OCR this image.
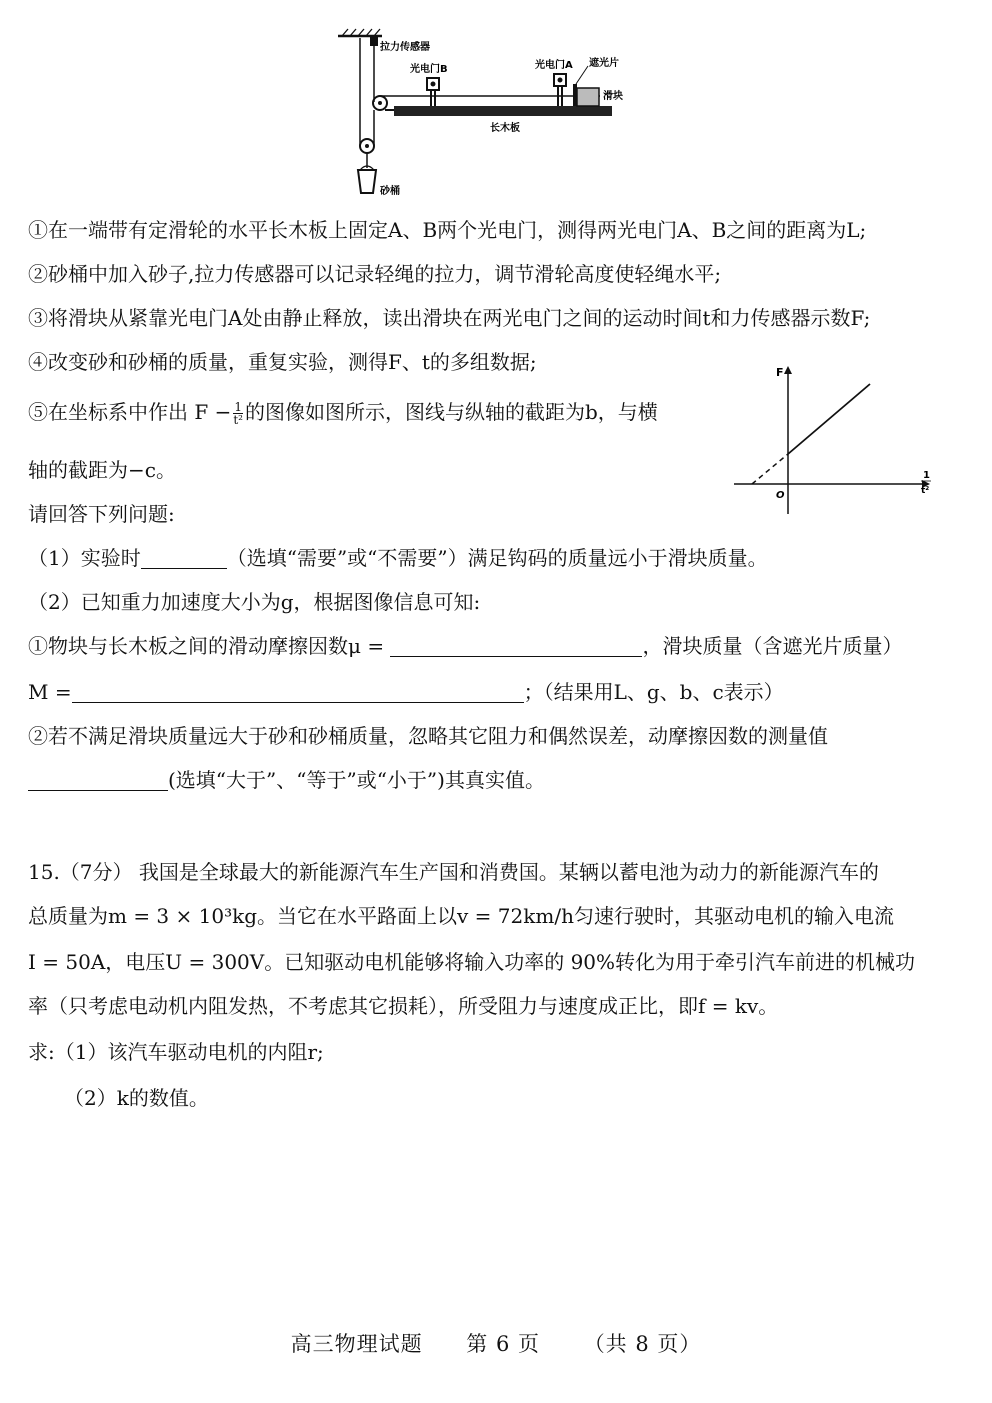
拉力传感器
砂桶
长木板
光电门B	光电门A 遮光片
滑块
F
1
t²
O
①在一端带有定滑轮的水平长木板上固定A、B两个光电门，测得两光电门A、B之间的距离为L;
②砂桶中加入砂子,拉力传感器可以记录轻绳的拉力，调节滑轮高度使轻绳水平;
③将滑块从紧靠光电门A处由静止释放，读出滑块在两光电门之间的运动时间t和力传感器示数F;
④改变砂和砂桶的质量，重复实验，测得F、t的多组数据;
⑤在坐标系中作出 $F - \frac{1}{\text{t²}}$ 的图像如图所示，图线与纵轴的截距为b，与横
轴的截距为−c。
请回答下列问题:
（1）实验时	（选填“需要”或“不需要”）满足钩码的质量远小于滑块质量。
（2）已知重力加速度大小为g，根据图像信息可知:
①物块与长木板之间的滑动摩擦因数μ =	，滑块质量（含遮光片质量）
M =	；（结果用L、g、b、c表示）
②若不满足滑块质量远大于砂和砂桶质量，忽略其它阻力和偶然误差，动摩擦因数的测量值
(选填“大于”、“等于”或“小于”)其真实值。
15.（7分） 我国是全球最大的新能源汽车生产国和消费国。某辆以蓄电池为动力的新能源汽车的
总质量为m = 3 × 10³kg。当它在水平路面上以v = 72km/h匀速行驶时，其驱动电机的输入电流
I = 50A，电压U = 300V。已知驱动电机能够将输入功率的 90%转化为用于牵引汽车前进的机械功
率（只考虑电动机内阻发热，不考虑其它损耗），所受阻力与速度成正比，即f = kv。
求:（1）该汽车驱动电机的内阻r;
（2）k的数值。
高三物理试题 第 6 页 （共 8 页）
